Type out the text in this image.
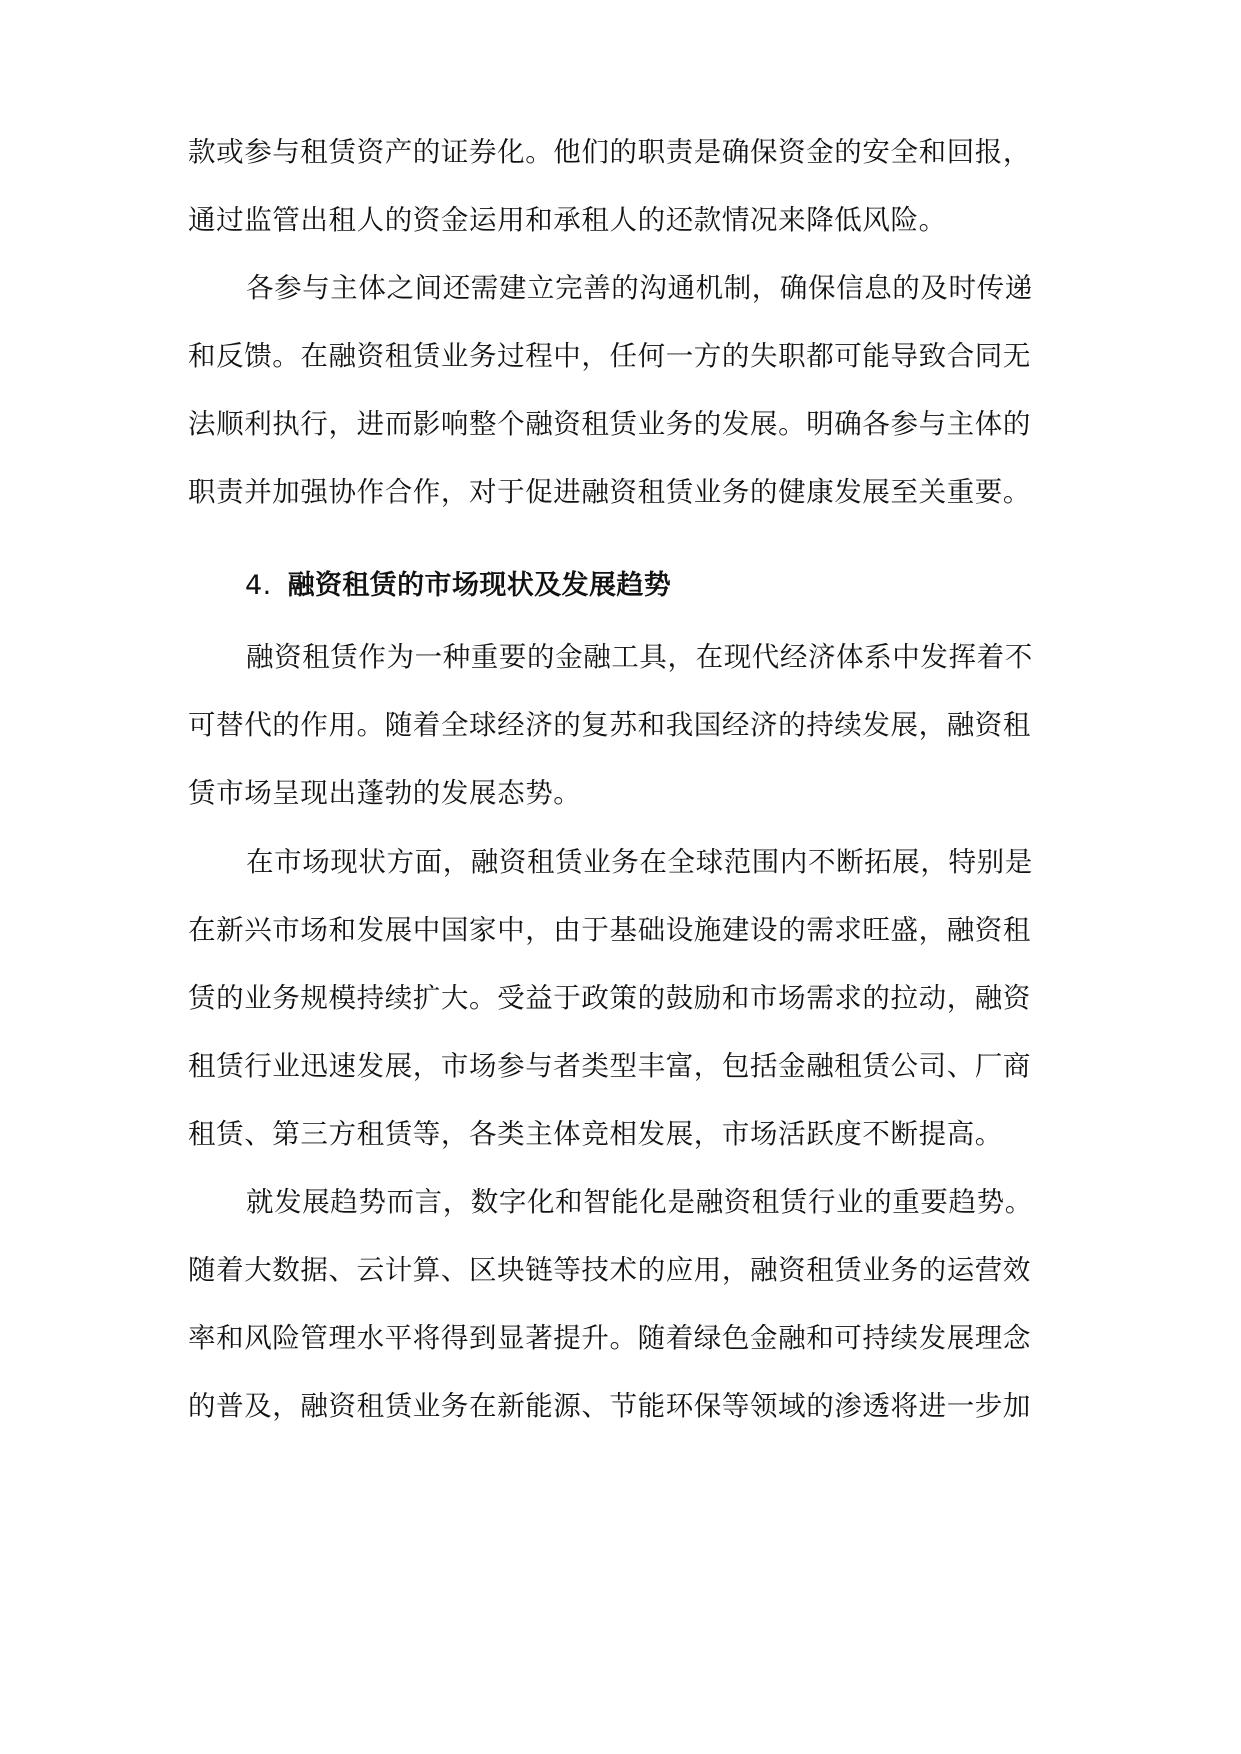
款或参与租赁资产的证券化。他们的职责是确保资金的安全和回报，
通过监管出租人的资金运用和承租人的还款情况来降低风险。
各参与主体之间还需建立完善的沟通机制，确保信息的及时传递
和反馈。在融资租赁业务过程中，任何一方的失职都可能导致合同无
法顺利执行，进而影响整个融资租赁业务的发展。明确各参与主体的
职责并加强协作合作，对于促进融资租赁业务的健康发展至关重要。
4. 融资租赁的市场现状及发展趋势
融资租赁作为一种重要的金融工具，在现代经济体系中发挥着不
可替代的作用。随着全球经济的复苏和我国经济的持续发展，融资租
赁市场呈现出蓬勃的发展态势。
在市场现状方面，融资租赁业务在全球范围内不断拓展，特别是
在新兴市场和发展中国家中，由于基础设施建设的需求旺盛，融资租
赁的业务规模持续扩大。受益于政策的鼓励和市场需求的拉动，融资
租赁行业迅速发展，市场参与者类型丰富，包括金融租赁公司、厂商
租赁、第三方租赁等，各类主体竞相发展，市场活跃度不断提高。
就发展趋势而言，数字化和智能化是融资租赁行业的重要趋势。
随着大数据、云计算、区块链等技术的应用，融资租赁业务的运营效
率和风险管理水平将得到显著提升。随着绿色金融和可持续发展理念
的普及，融资租赁业务在新能源、节能环保等领域的渗透将进一步加
